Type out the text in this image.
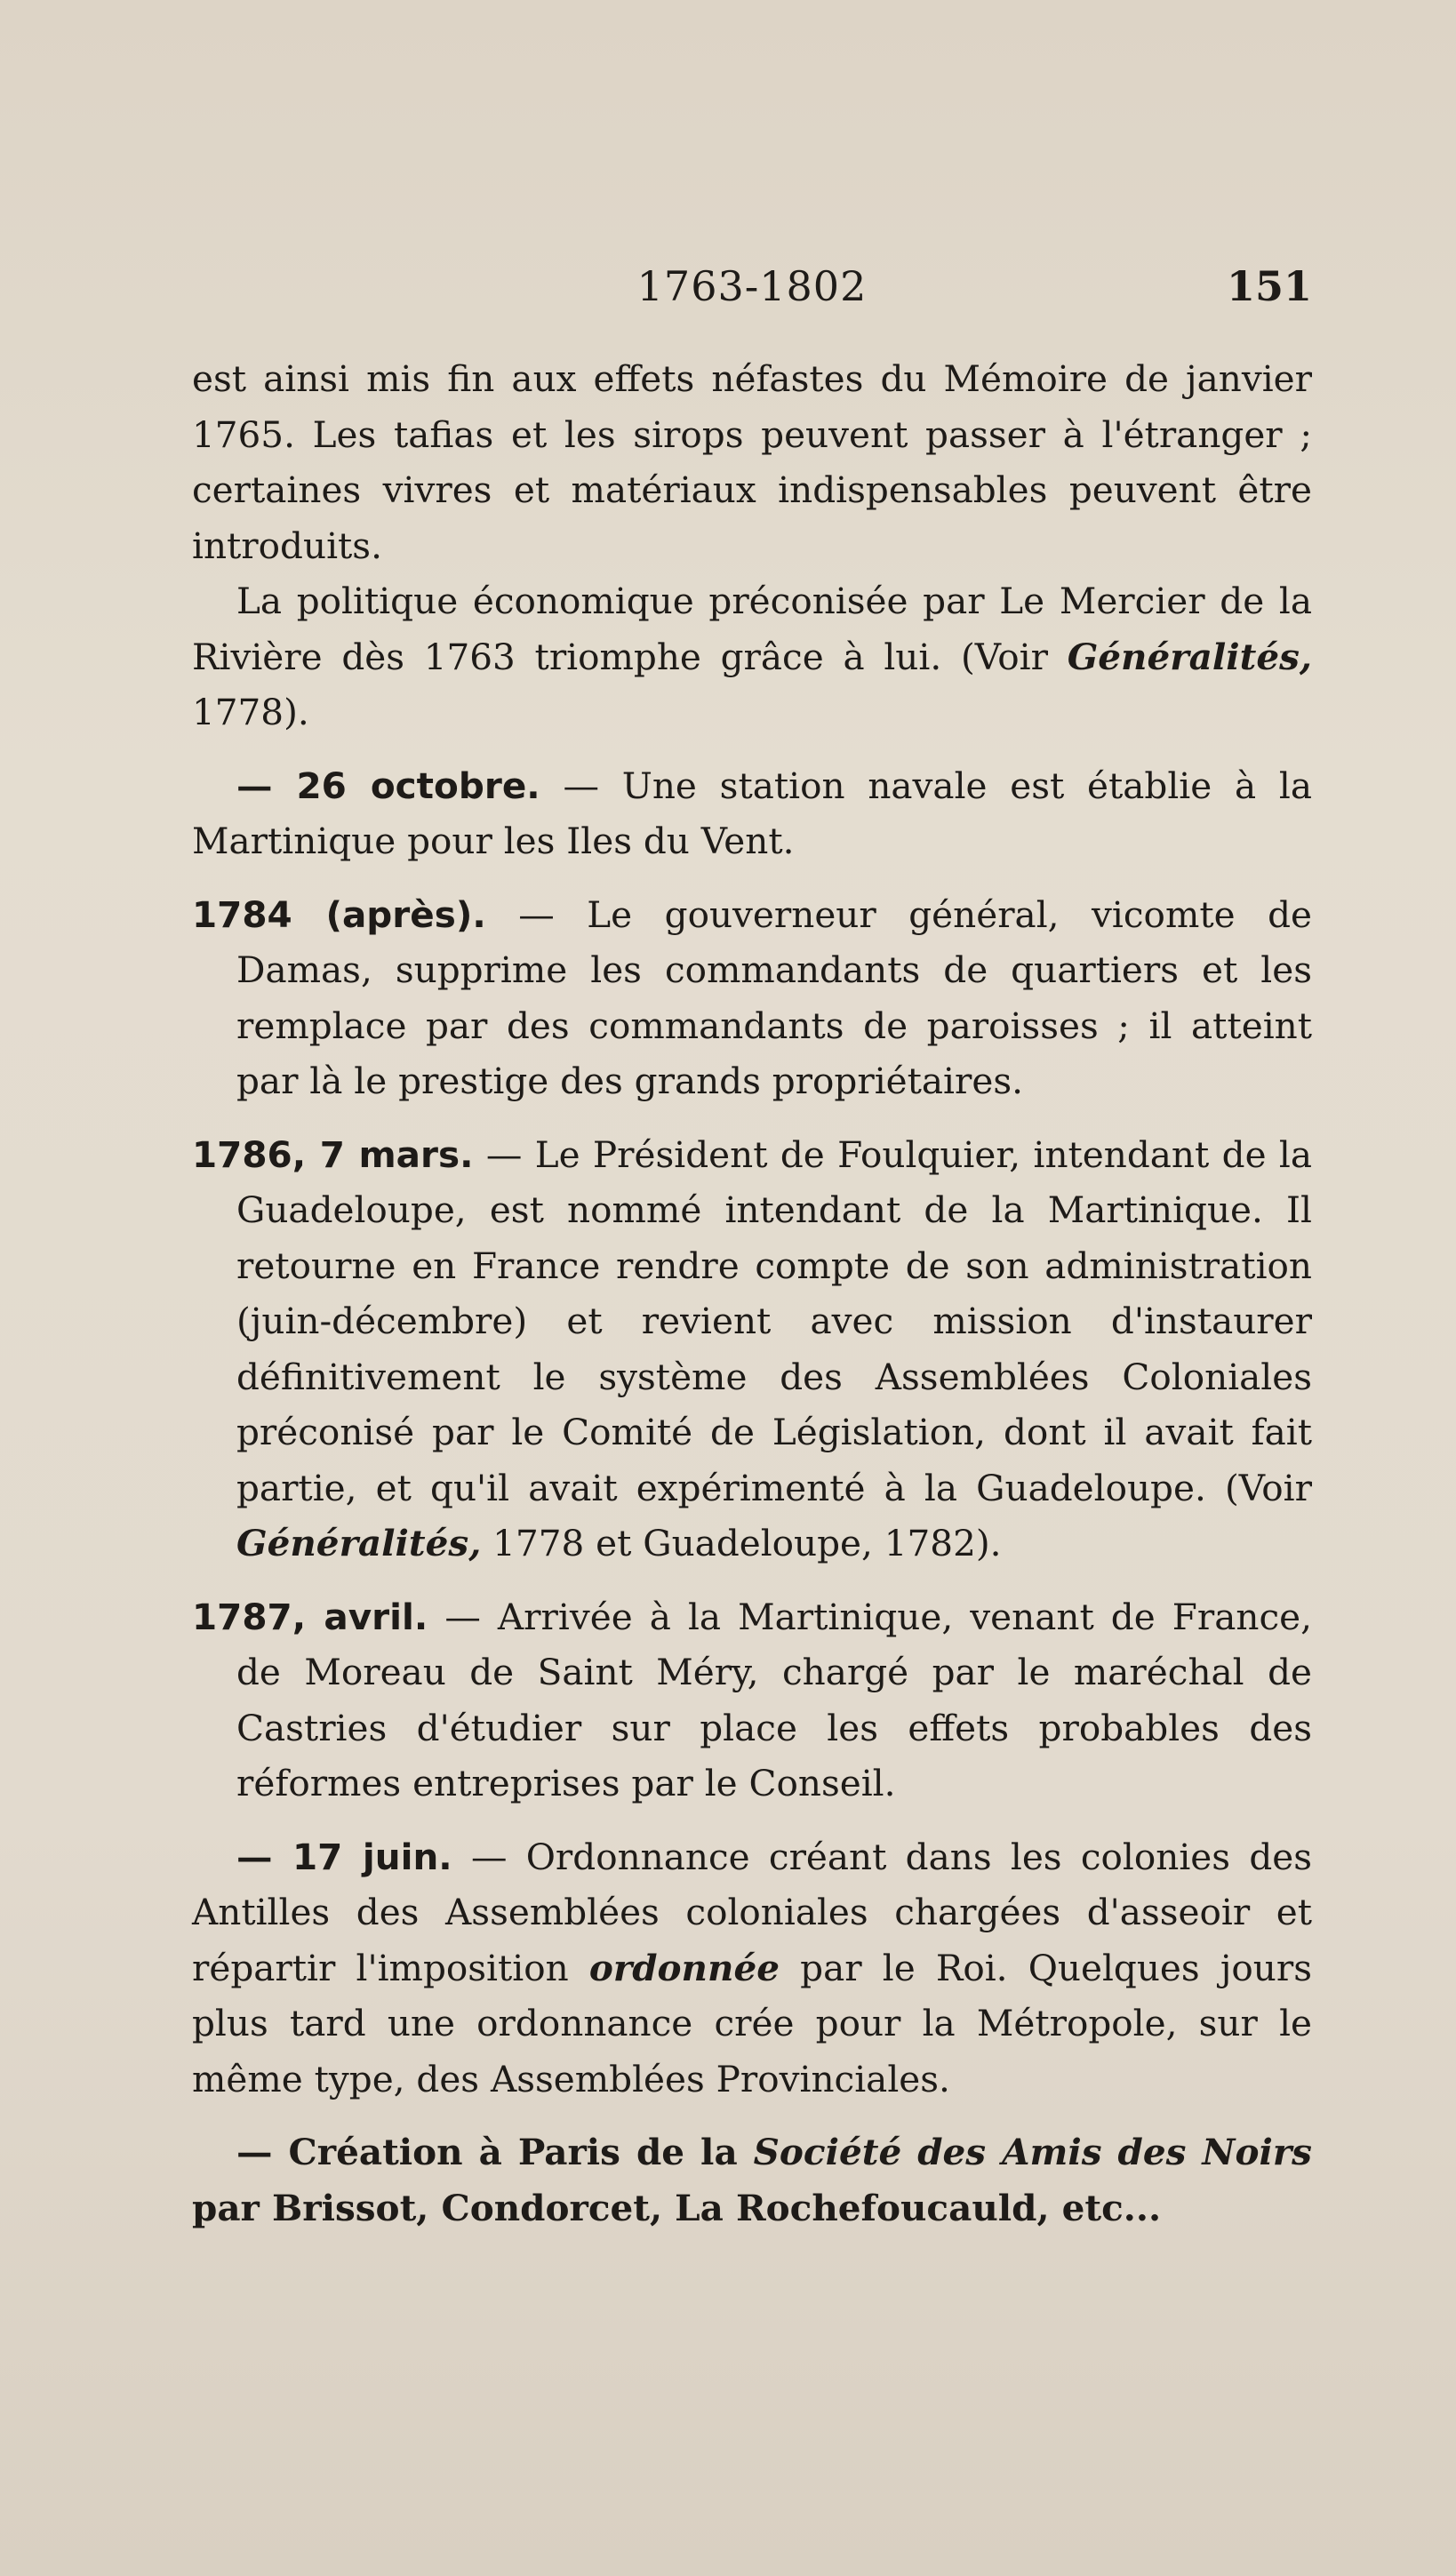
1763-1802	151

est ainsi mis fin aux effets néfastes du Mémoire de janvier 1765. Les tafias et les sirops peuvent passer à l'étranger ; certaines vivres et matériaux indispensables peuvent être introduits.

La politique économique préconisée par Le Mercier de la Rivière dès 1763 triomphe grâce à lui. (Voir Généralités, 1778).

— 26 octobre. — Une station navale est établie à la Martinique pour les Iles du Vent.

1784 (après). — Le gouverneur général, vicomte de Damas, supprime les commandants de quartiers et les remplace par des commandants de paroisses ; il atteint par là le prestige des grands propriétaires.

1786, 7 mars. — Le Président de Foulquier, intendant de la Guadeloupe, est nommé intendant de la Martinique. Il retourne en France rendre compte de son administration (juin-décembre) et revient avec mission d'instaurer définitivement le système des Assemblées Coloniales préconisé par le Comité de Législation, dont il avait fait partie, et qu'il avait expérimenté à la Guadeloupe. (Voir Généralités, 1778 et Guadeloupe, 1782).

1787, avril. — Arrivée à la Martinique, venant de France, de Moreau de Saint Méry, chargé par le maréchal de Castries d'étudier sur place les effets probables des réformes entreprises par le Conseil.

— 17 juin. — Ordonnance créant dans les colonies des Antilles des Assemblées coloniales chargées d'asseoir et répartir l'imposition ordonnée par le Roi. Quelques jours plus tard une ordonnance crée pour la Métropole, sur le même type, des Assemblées Provinciales.

— Création à Paris de la Société des Amis des Noirs par Brissot, Condorcet, La Rochefoucauld, etc...
